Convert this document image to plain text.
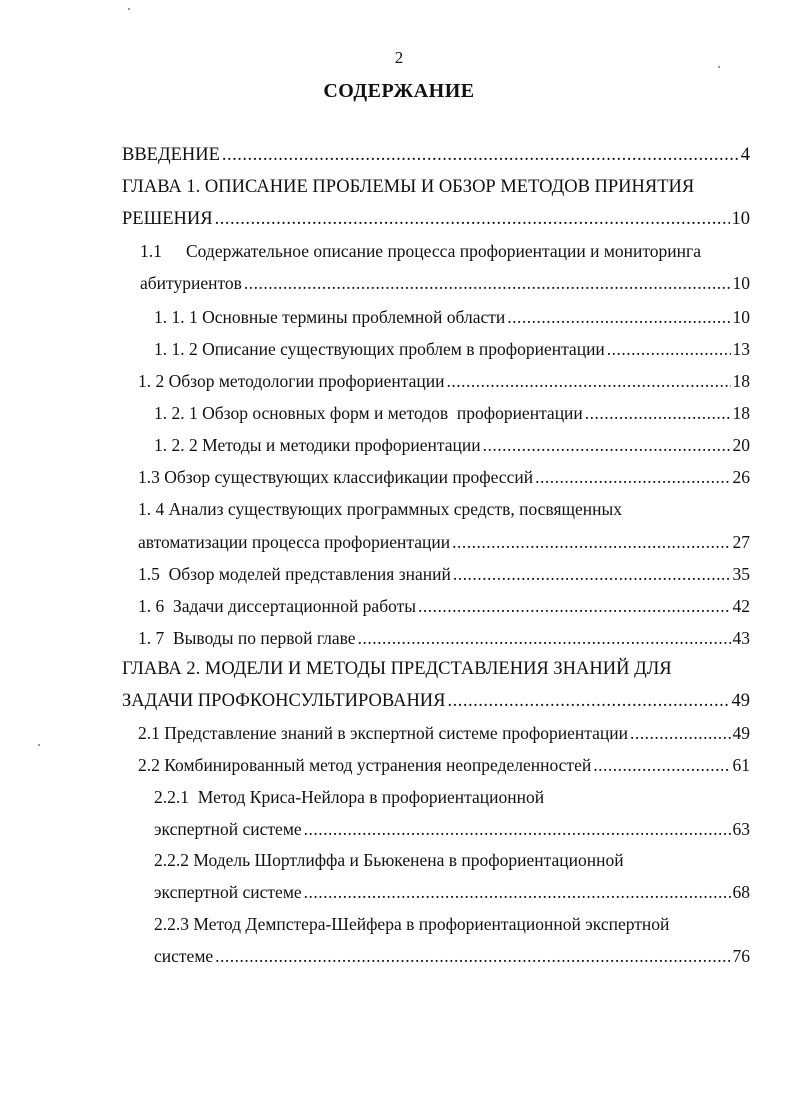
2
СОДЕРЖАНИЕ
ВВЕДЕНИЕ .....	4
ГЛАВА 1. ОПИСАНИЕ ПРОБЛЕМЫ И ОБЗОР МЕТОДОВ ПРИНЯТИЯ
РЕШЕНИЯ .....	10
1.1 Содержательное описание процесса профориентации и мониторинга
абитуриентов .....	10
1. 1. 1 Основные термины проблемной области .....	10
1. 1. 2 Описание существующих проблем в профориентации .....	13
1. 2 Обзор методологии профориентации .....	18
1. 2. 1 Обзор основных форм и методов  профориентации .....	18
1. 2. 2 Методы и методики профориентации .....	20
1.3 Обзор существующих классификации профессий .....	26
1. 4 Анализ существующих программных средств, посвященных
автоматизации процесса профориентации .....	27
1.5  Обзор моделей представления знаний .....	35
1. 6  Задачи диссертационной работы .....	42
1. 7  Выводы по первой главе .....	43
ГЛАВА 2. МОДЕЛИ И МЕТОДЫ ПРЕДСТАВЛЕНИЯ ЗНАНИЙ ДЛЯ
ЗАДАЧИ ПРОФКОНСУЛЬТИРОВАНИЯ .....	49
2.1 Представление знаний в экспертной системе профориентации .....	49
2.2 Комбинированный метод устранения неопределенностей .....	61
2.2.1  Метод Криса-Нейлора в профориентационной
экспертной системе .....	63
2.2.2 Модель Шортлиффа и Бьюкенена в профориентационной
экспертной системе .....	68
2.2.3 Метод Демпстера-Шейфера в профориентационной экспертной
системе .....	76
